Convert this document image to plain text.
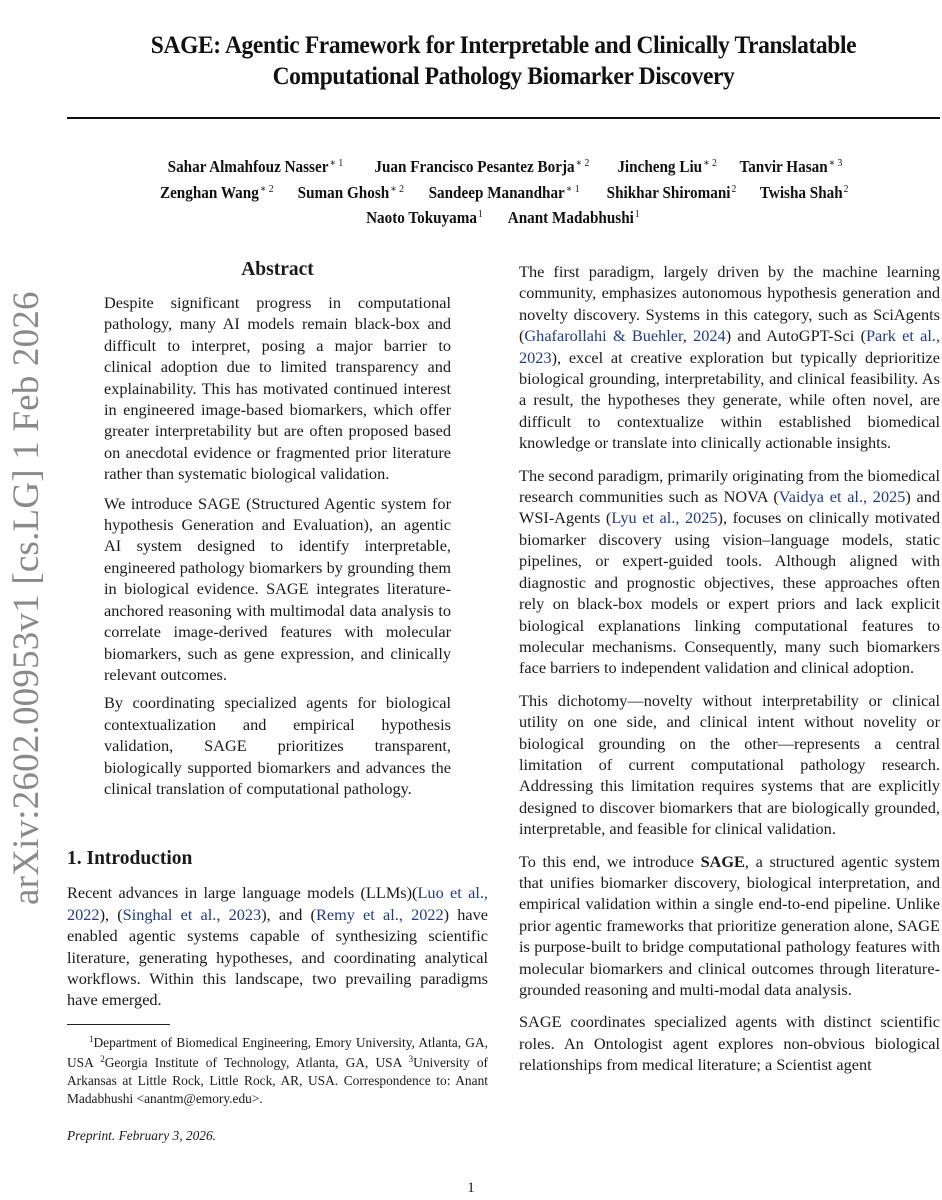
SAGE: Agentic Framework for Interpretable and Clinically Translatable
Computational Pathology Biomarker Discovery
Sahar Almahfouz Nasser$^{∗ 1}$ Juan Francisco Pesantez Borja$^{∗ 2}$ Jincheng Liu$^{∗ 2}$ Tanvir Hasan$^{∗ 3}$
Zenghan Wang$^{∗ 2}$ Suman Ghosh$^{∗ 2}$ Sandeep Manandhar$^{∗ 1}$ Shikhar Shiromani$^2$ Twisha Shah$^2$
Naoto Tokuyama$^1$ Anant Madabhushi$^1$
arXiv:2602.00953v1 [cs.LG] 1 Feb 2026
Abstract

Despite significant progress in computational pathology, many AI models remain black-box and difficult to interpret, posing a major barrier to clinical adoption due to limited transparency and explainability. This has motivated continued interest in engineered image-based biomarkers, which offer greater interpretability but are often proposed based on anecdotal evidence or fragmented prior literature rather than systematic biological validation.

We introduce SAGE (Structured Agentic system for hypothesis Generation and Evaluation), an agentic AI system designed to identify interpretable, engineered pathology biomarkers by grounding them in biological evidence. SAGE integrates literature-anchored reasoning with multimodal data analysis to correlate image-derived features with molecular biomarkers, such as gene expression, and clinically relevant outcomes.

By coordinating specialized agents for biological contextualization and empirical hypothesis validation, SAGE prioritizes transparent, biologically supported biomarkers and advances the clinical translation of computational pathology.

1. Introduction

Recent advances in large language models (LLMs)(Luo et al., 2022), (Singhal et al., 2023), and (Remy et al., 2022) have enabled agentic systems capable of synthesizing scientific literature, generating hypotheses, and coordinating analytical workflows. Within this landscape, two prevailing paradigms have emerged.

$^1$Department of Biomedical Engineering, Emory University, Atlanta, GA, USA $^2$Georgia Institute of Technology, Atlanta, GA, USA $^3$University of Arkansas at Little Rock, Little Rock, AR, USA. Correspondence to: Anant Madabhushi <anantm@emory.edu>.
Preprint. February 3, 2026.

The first paradigm, largely driven by the machine learning community, emphasizes autonomous hypothesis generation and novelty discovery. Systems in this category, such as SciAgents (Ghafarollahi & Buehler, 2024) and AutoGPT-Sci (Park et al., 2023), excel at creative exploration but typically deprioritize biological grounding, interpretability, and clinical feasibility. As a result, the hypotheses they generate, while often novel, are difficult to contextualize within established biomedical knowledge or translate into clinically actionable insights.

The second paradigm, primarily originating from the biomedical research communities such as NOVA (Vaidya et al., 2025) and WSI-Agents (Lyu et al., 2025), focuses on clinically motivated biomarker discovery using vision–language models, static pipelines, or expert-guided tools. Although aligned with diagnostic and prognostic objectives, these approaches often rely on black-box models or expert priors and lack explicit biological explanations linking computational features to molecular mechanisms. Consequently, many such biomarkers face barriers to independent validation and clinical adoption.

This dichotomy—novelty without interpretability or clinical utility on one side, and clinical intent without novelity or biological grounding on the other—represents a central limitation of current computational pathology research. Addressing this limitation requires systems that are explicitly designed to discover biomarkers that are biologically grounded, interpretable, and feasible for clinical validation.

To this end, we introduce SAGE, a structured agentic system that unifies biomarker discovery, biological interpretation, and empirical validation within a single end-to-end pipeline. Unlike prior agentic frameworks that prioritize generation alone, SAGE is purpose-built to bridge computational pathology features with molecular biomarkers and clinical outcomes through literature-grounded reasoning and multi-modal data analysis.

SAGE coordinates specialized agents with distinct scientific roles. An Ontologist agent explores non-obvious biological relationships from medical literature; a Scientist agent

1
